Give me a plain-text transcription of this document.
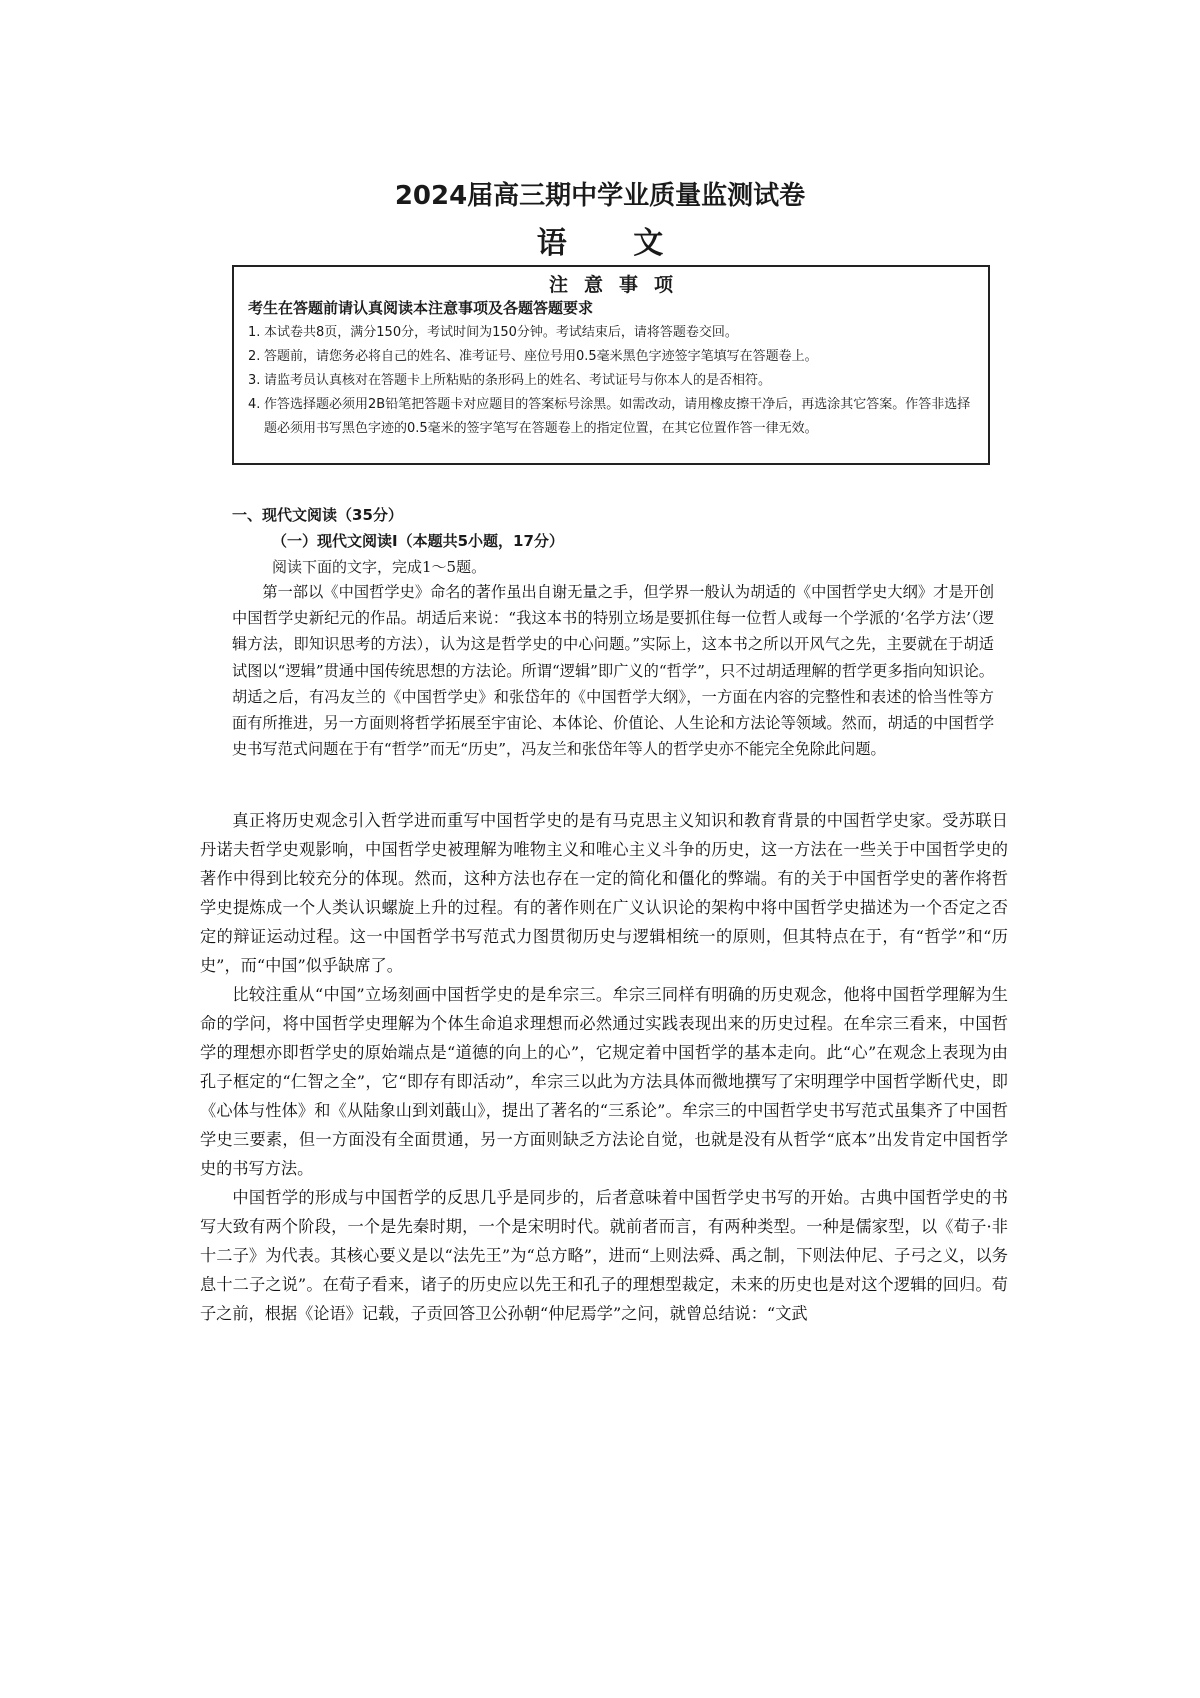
2024届高三期中学业质量监测试卷
语 文
注意事项
考生在答题前请认真阅读本注意事项及各题答题要求
1. 本试卷共8页，满分150分，考试时间为150分钟。考试结束后，请将答题卷交回。
2. 答题前，请您务必将自己的姓名、准考证号、座位号用0.5毫米黑色字迹签字笔填写在答题卷上。
3. 请监考员认真核对在答题卡上所粘贴的条形码上的姓名、考试证号与你本人的是否相符。
4. 作答选择题必须用2B铅笔把答题卡对应题目的答案标号涂黑。如需改动，请用橡皮擦干净后，再选涂其它答案。作答非选择题必须用书写黑色字迹的0.5毫米的签字笔写在答题卷上的指定位置，在其它位置作答一律无效。
一、现代文阅读（35分）
（一）现代文阅读Ⅰ（本题共5小题，17分）
阅读下面的文字，完成1～5题。

第一部以《中国哲学史》命名的著作虽出自谢无量之手，但学界一般认为胡适的《中国哲学史大纲》才是开创中国哲学史新纪元的作品。胡适后来说：“我这本书的特别立场是要抓住每一位哲人或每一个学派的‘名学方法’（逻辑方法，即知识思考的方法），认为这是哲学史的中心问题。”实际上，这本书之所以开风气之先，主要就在于胡适试图以“逻辑”贯通中国传统思想的方法论。所谓“逻辑”即广义的“哲学”，只不过胡适理解的哲学更多指向知识论。胡适之后，有冯友兰的《中国哲学史》和张岱年的《中国哲学大纲》，一方面在内容的完整性和表述的恰当性等方面有所推进，另一方面则将哲学拓展至宇宙论、本体论、价值论、人生论和方法论等领域。然而，胡适的中国哲学史书写范式问题在于有“哲学”而无“历史”，冯友兰和张岱年等人的哲学史亦不能完全免除此问题。

真正将历史观念引入哲学进而重写中国哲学史的是有马克思主义知识和教育背景的中国哲学史家。受苏联日丹诺夫哲学史观影响，中国哲学史被理解为唯物主义和唯心主义斗争的历史，这一方法在一些关于中国哲学史的著作中得到比较充分的体现。然而，这种方法也存在一定的简化和僵化的弊端。有的关于中国哲学史的著作将哲学史提炼成一个人类认识螺旋上升的过程。有的著作则在广义认识论的架构中将中国哲学史描述为一个否定之否定的辩证运动过程。这一中国哲学书写范式力图贯彻历史与逻辑相统一的原则，但其特点在于，有“哲学”和“历史”，而“中国”似乎缺席了。

比较注重从“中国”立场刻画中国哲学史的是牟宗三。牟宗三同样有明确的历史观念，他将中国哲学理解为生命的学问，将中国哲学史理解为个体生命追求理想而必然通过实践表现出来的历史过程。在牟宗三看来，中国哲学的理想亦即哲学史的原始端点是“道德的向上的心”，它规定着中国哲学的基本走向。此“心”在观念上表现为由孔子框定的“仁智之全”，它“即存有即活动”，牟宗三以此为方法具体而微地撰写了宋明理学中国哲学断代史，即《心体与性体》和《从陆象山到刘蕺山》，提出了著名的“三系论”。牟宗三的中国哲学史书写范式虽集齐了中国哲学史三要素，但一方面没有全面贯通，另一方面则缺乏方法论自觉，也就是没有从哲学“底本”出发肯定中国哲学史的书写方法。

中国哲学的形成与中国哲学的反思几乎是同步的，后者意味着中国哲学史书写的开始。古典中国哲学史的书写大致有两个阶段，一个是先秦时期，一个是宋明时代。就前者而言，有两种类型。一种是儒家型，以《荀子·非十二子》为代表。其核心要义是以“法先王”为“总方略”，进而“上则法舜、禹之制，下则法仲尼、子弓之义，以务息十二子之说”。在荀子看来，诸子的历史应以先王和孔子的理想型裁定，未来的历史也是对这个逻辑的回归。荀子之前，根据《论语》记载，子贡回答卫公孙朝“仲尼焉学”之问，就曾总结说：“文武
